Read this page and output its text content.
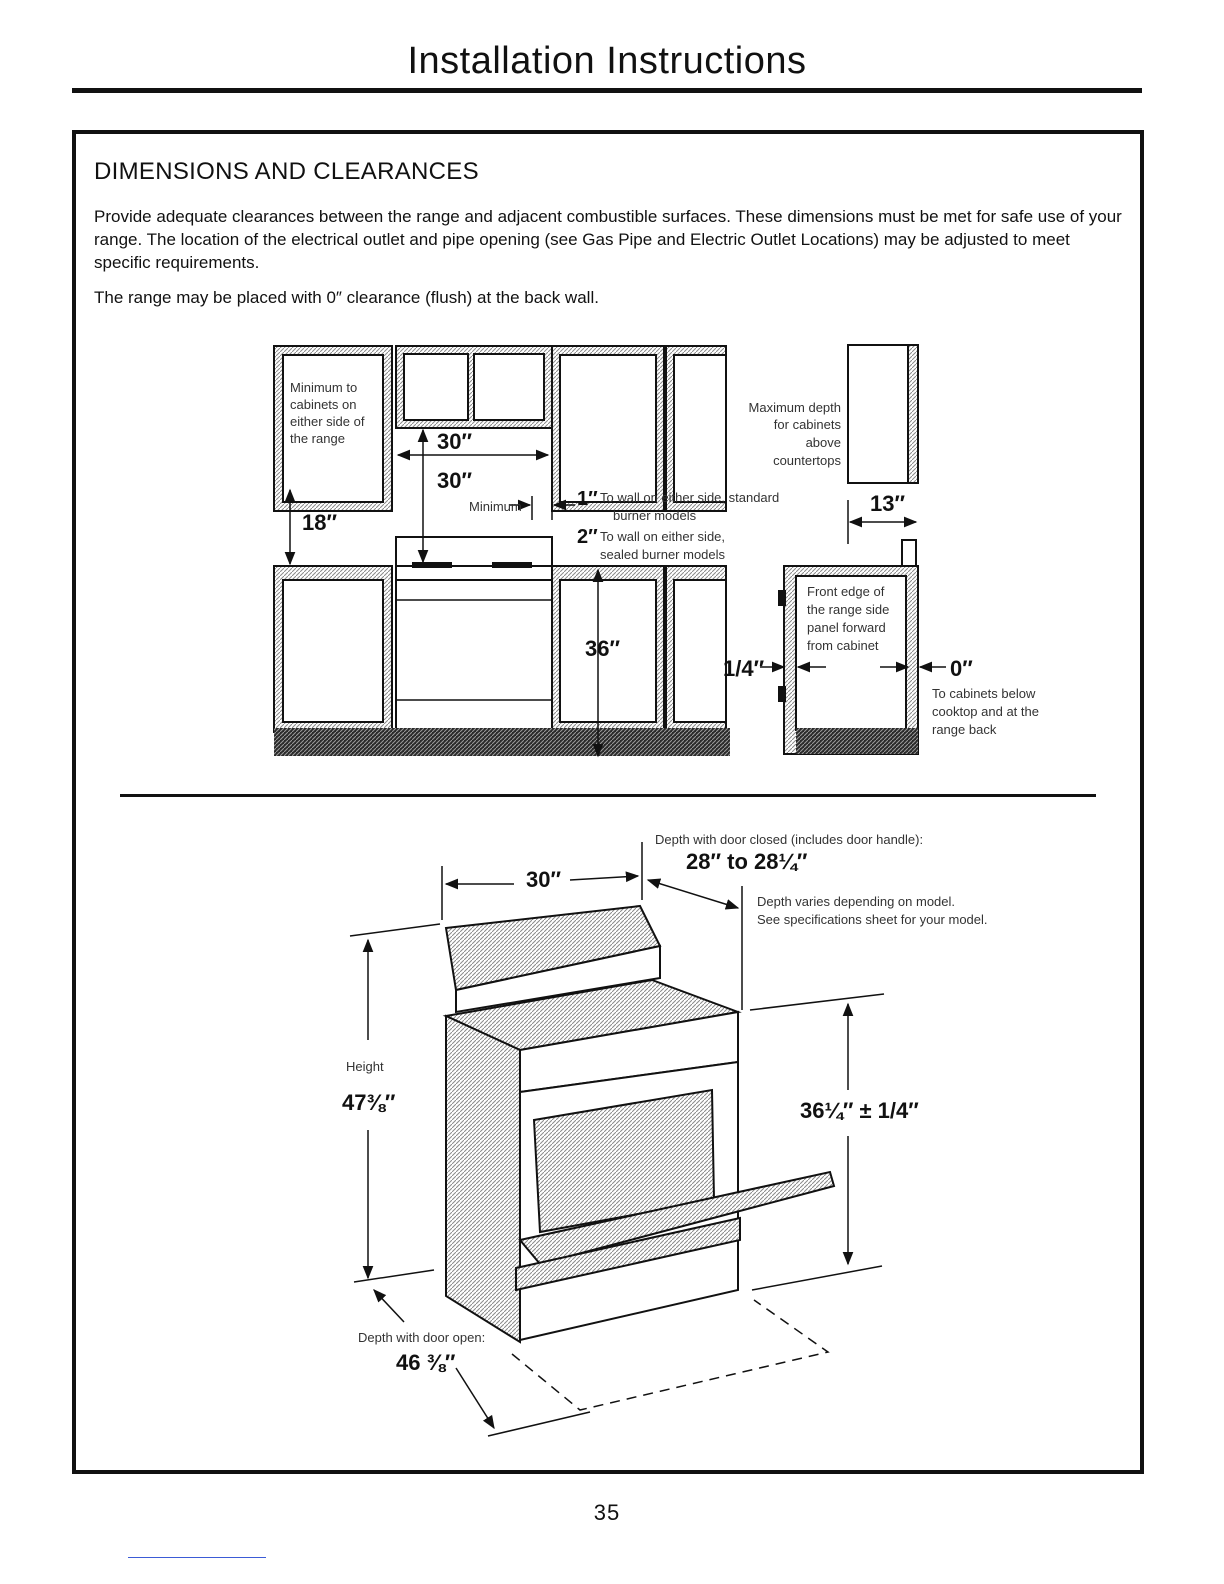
Installation Instructions
DIMENSIONS AND CLEARANCES

Provide adequate clearances between the range and adjacent combustible surfaces. These dimensions must be met for safe use of your range. The location of the electrical outlet and pipe opening (see Gas Pipe and Electric Outlet Locations) may be adjusted to meet specific requirements.

The range may be placed with 0″ clearance (flush) at the back wall.

Minimum to
cabinets on
either side of
the range	30″
30″
18″
Minimum	1″ To wall on either side, standard
burner models
2″ To wall on either side,
sealed burner models
36″
1/4″
Maximum depth
for cabinets
above
countertops
13″
Front edge of
the range side
panel forward
from cabinet
0″
To cabinets below
cooktop and at the
range back
30″
Depth with door closed (includes door handle):
28″ to 28¼″
Depth varies depending on model.
See specifications sheet for your model.
Height
47⅜″	36¼″ ± 1/4″
Depth with door open:
46 ⅜″
35
